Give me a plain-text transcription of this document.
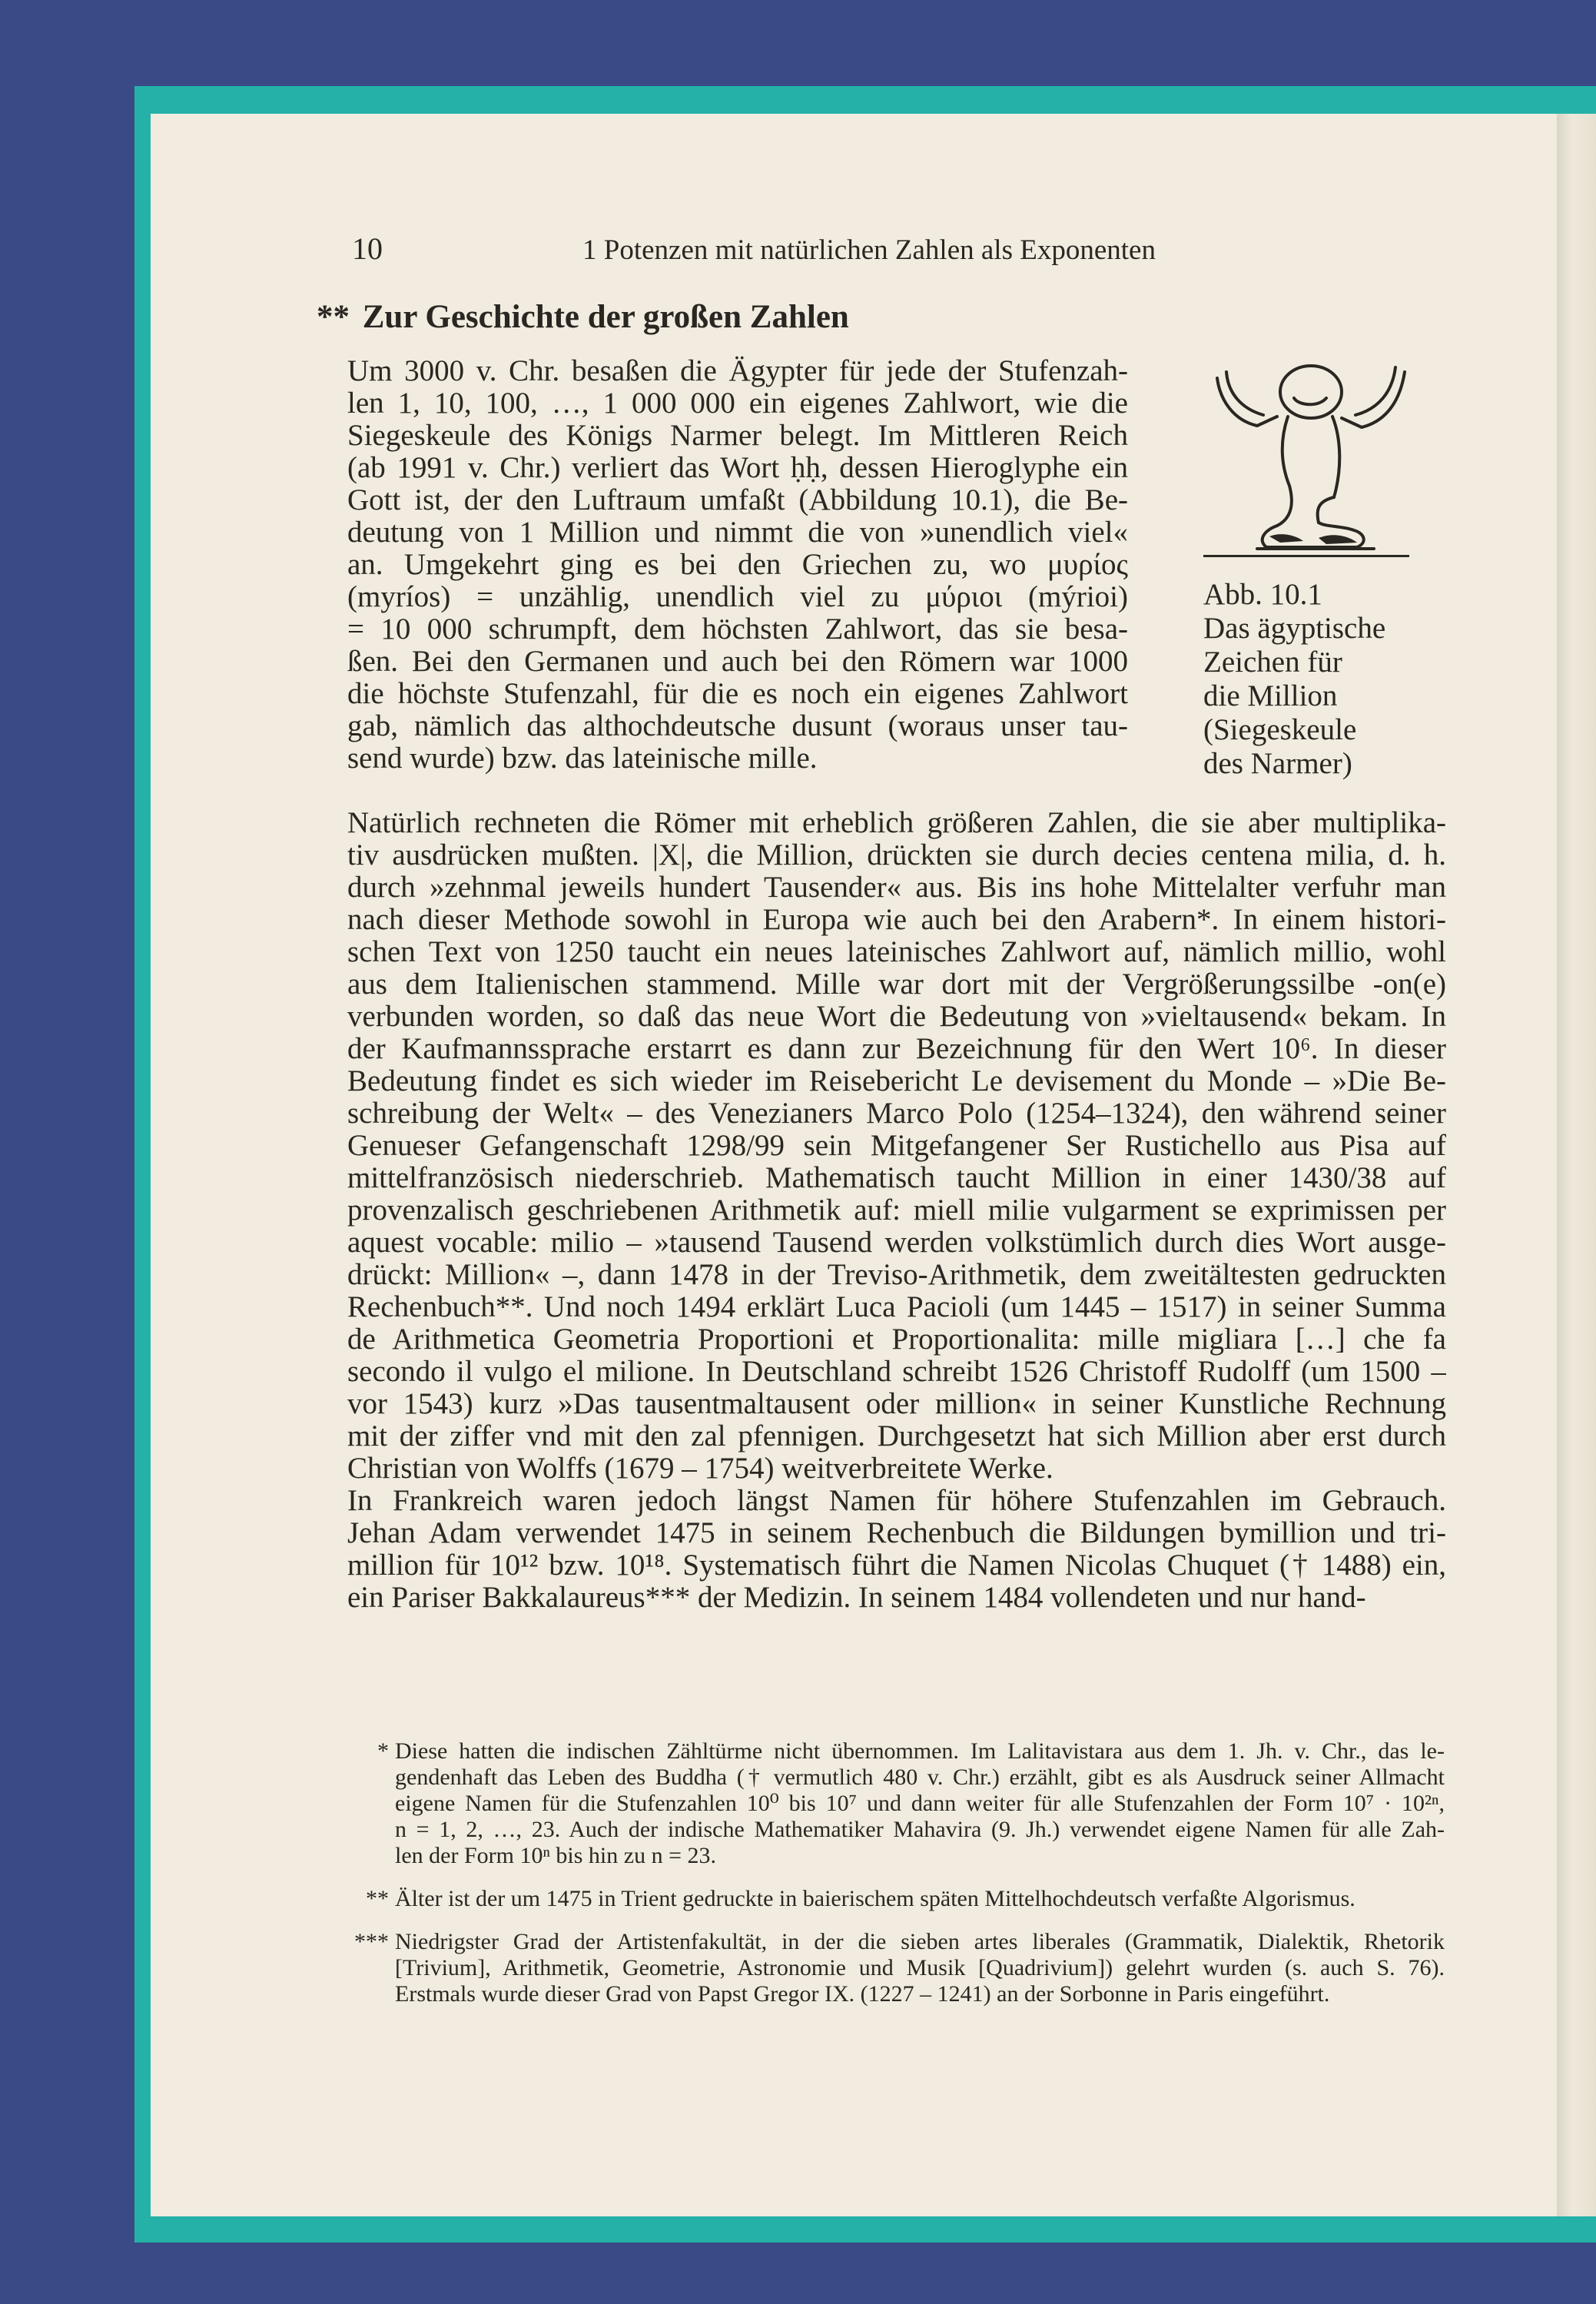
10	1 Potenzen mit natürlichen Zahlen als Exponenten
** Zur Geschichte der großen Zahlen
Um 3000 v. Chr. besaßen die Ägypter für jede der Stufenzah-
len 1, 10, 100, …, 1 000 000 ein eigenes Zahlwort, wie die
Siegeskeule des Königs Narmer belegt. Im Mittleren Reich
(ab 1991 v. Chr.) verliert das Wort ḥḥ, dessen Hieroglyphe ein
Gott ist, der den Luftraum umfaßt (Abbildung 10.1), die Be-
deutung von 1 Million und nimmt die von »unendlich viel«
an. Umgekehrt ging es bei den Griechen zu, wo μυρίος
(myríos) = unzählig, unendlich viel zu μύριοι (mýrioi)
= 10 000 schrumpft, dem höchsten Zahlwort, das sie besa-
ßen. Bei den Germanen und auch bei den Römern war 1000
die höchste Stufenzahl, für die es noch ein eigenes Zahlwort
gab, nämlich das althochdeutsche dusunt (woraus unser tau-
send wurde) bzw. das lateinische mille.
Abb. 10.1
Das ägyptische
Zeichen für
die Million
(Siegeskeule
des Narmer)
Natürlich rechneten die Römer mit erheblich größeren Zahlen, die sie aber multiplika-
tiv ausdrücken mußten. |X|, die Million, drückten sie durch decies centena milia, d. h.
durch »zehnmal jeweils hundert Tausender« aus. Bis ins hohe Mittelalter verfuhr man
nach dieser Methode sowohl in Europa wie auch bei den Arabern*. In einem histori-
schen Text von 1250 taucht ein neues lateinisches Zahlwort auf, nämlich millio, wohl
aus dem Italienischen stammend. Mille war dort mit der Vergrößerungssilbe -on(e)
verbunden worden, so daß das neue Wort die Bedeutung von »vieltausend« bekam. In
der Kaufmannssprache erstarrt es dann zur Bezeichnung für den Wert 10⁶. In dieser
Bedeutung findet es sich wieder im Reisebericht Le devisement du Monde – »Die Be-
schreibung der Welt« – des Venezianers Marco Polo (1254–1324), den während seiner
Genueser Gefangenschaft 1298/99 sein Mitgefangener Ser Rustichello aus Pisa auf
mittelfranzösisch niederschrieb. Mathematisch taucht Million in einer 1430/38 auf
provenzalisch geschriebenen Arithmetik auf: miell milie vulgarment se exprimissen per
aquest vocable: milio – »tausend Tausend werden volkstümlich durch dies Wort ausge-
drückt: Million« –, dann 1478 in der Treviso-Arithmetik, dem zweitältesten gedruckten
Rechenbuch**. Und noch 1494 erklärt Luca Pacioli (um 1445 – 1517) in seiner Summa
de Arithmetica Geometria Proportioni et Proportionalita: mille migliara […] che fa
secondo il vulgo el milione. In Deutschland schreibt 1526 Christoff Rudolff (um 1500 –
vor 1543) kurz »Das tausentmaltausent oder million« in seiner Kunstliche Rechnung
mit der ziffer vnd mit den zal pfennigen. Durchgesetzt hat sich Million aber erst durch
Christian von Wolffs (1679 – 1754) weitverbreitete Werke.
In Frankreich waren jedoch längst Namen für höhere Stufenzahlen im Gebrauch.
Jehan Adam verwendet 1475 in seinem Rechenbuch die Bildungen bymillion und tri-
million für 10¹² bzw. 10¹⁸. Systematisch führt die Namen Nicolas Chuquet († 1488) ein,
ein Pariser Bakkalaureus*** der Medizin. In seinem 1484 vollendeten und nur hand-
* Diese hatten die indischen Zähltürme nicht übernommen. Im Lalitavistara aus dem 1. Jh. v. Chr., das le-
gendenhaft das Leben des Buddha († vermutlich 480 v. Chr.) erzählt, gibt es als Ausdruck seiner Allmacht
eigene Namen für die Stufenzahlen 10⁰ bis 10⁷ und dann weiter für alle Stufenzahlen der Form 10⁷ · 10²ⁿ,
n = 1, 2, …, 23. Auch der indische Mathematiker Mahavira (9. Jh.) verwendet eigene Namen für alle Zah-
len der Form 10ⁿ bis hin zu n = 23.
** Älter ist der um 1475 in Trient gedruckte in baierischem späten Mittelhochdeutsch verfaßte Algorismus.
*** Niedrigster Grad der Artistenfakultät, in der die sieben artes liberales (Grammatik, Dialektik, Rhetorik
[Trivium], Arithmetik, Geometrie, Astronomie und Musik [Quadrivium]) gelehrt wurden (s. auch S. 76).
Erstmals wurde dieser Grad von Papst Gregor IX. (1227 – 1241) an der Sorbonne in Paris eingeführt.
